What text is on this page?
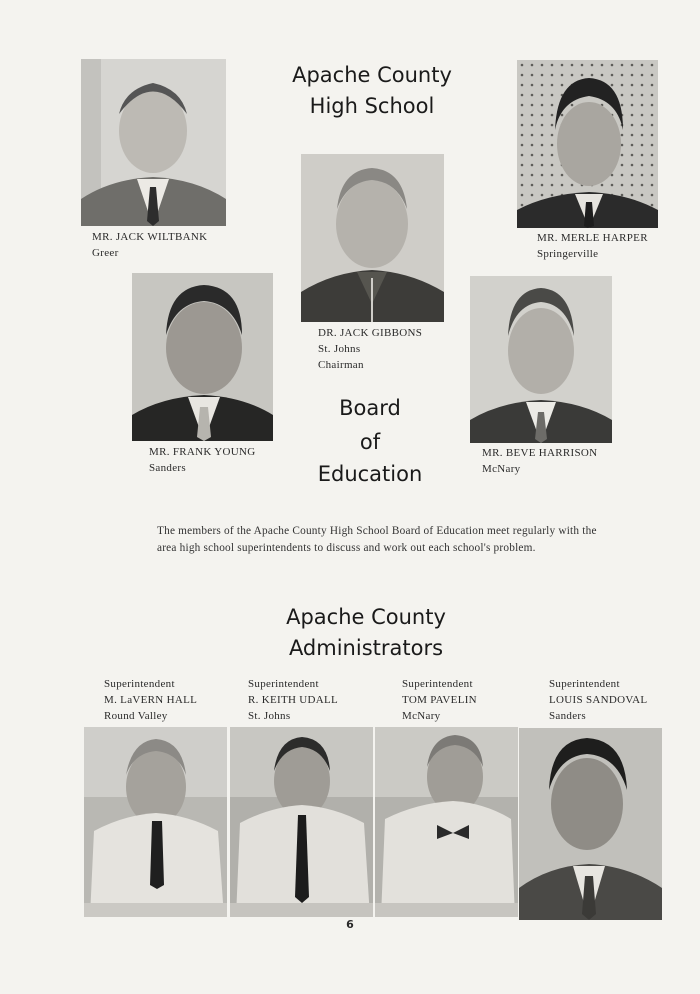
Apache County
High School
MR. JACK WILTBANK
Greer
MR. MERLE HARPER
Springerville
DR. JACK GIBBONS
St. Johns
Chairman
MR. FRANK YOUNG
Sanders
MR. BEVE HARRISON
McNary
Board
of
Education

The members of the Apache County High School Board of Education meet regularly with the area high school superintendents to discuss and work out each school's problem.

Apache County
Administrators
Superintendent
M. LaVERN HALL
Round Valley
Superintendent
R. KEITH UDALL
St. Johns
Superintendent
TOM PAVELIN
McNary
Superintendent
LOUIS SANDOVAL
Sanders
6
